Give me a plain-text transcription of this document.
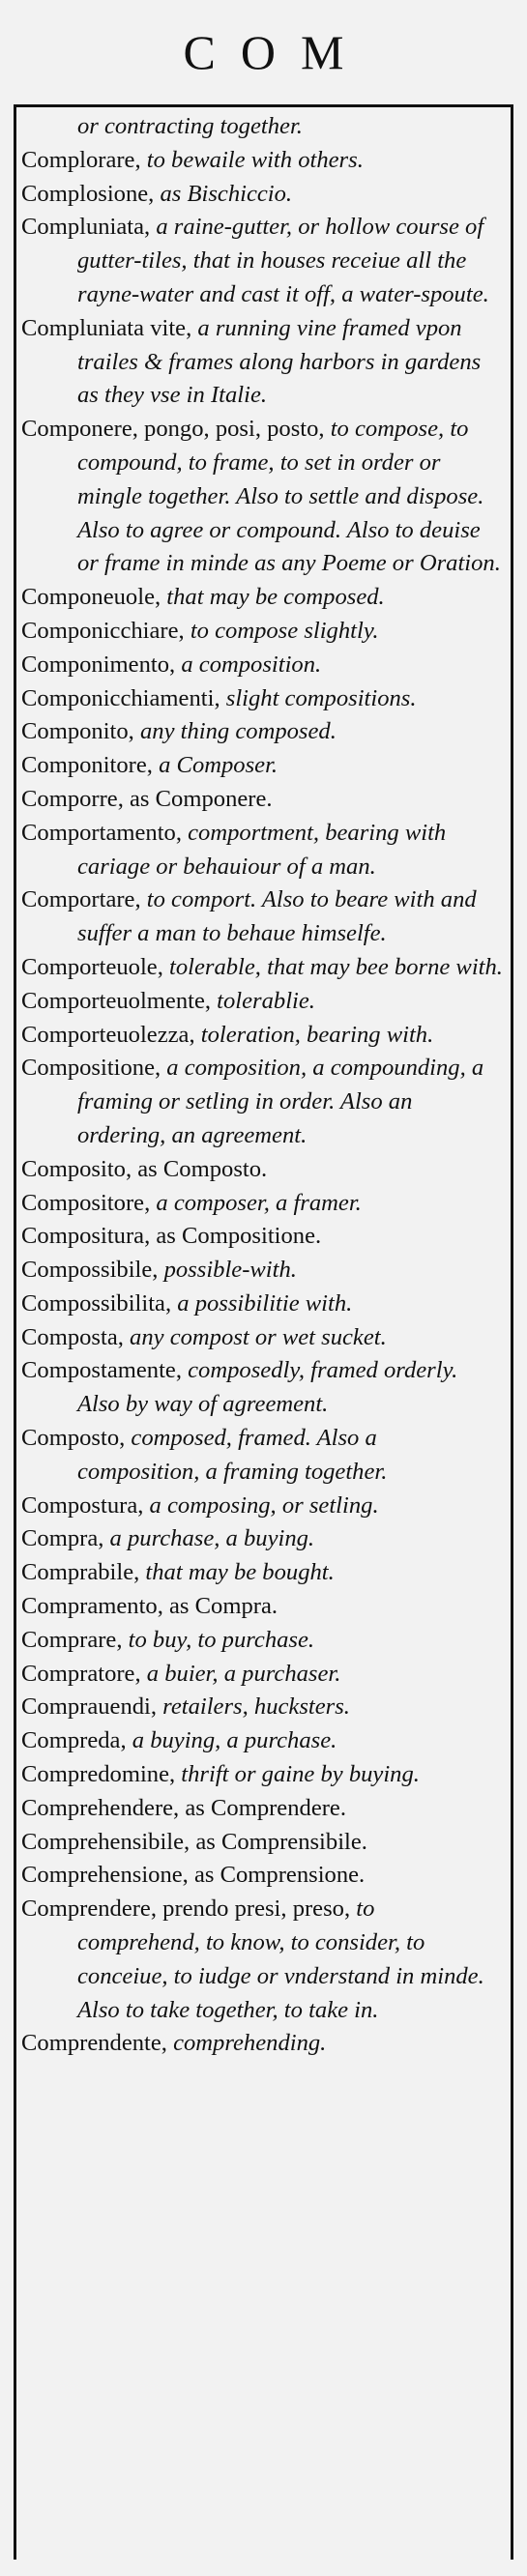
COM
or contracting together.
Complorare, to bewaile with others.
Complosione, as Bischiccio.
Compluniata, a raine-gutter, or hollow course of gutter-tiles, that in houses receiue all the rayne-water and cast it off, a water-spoute.
Compluniata vite, a running vine framed vpon trailes & frames along harbors in gardens as they vse in Italie.
Componere, pongo, posi, posto, to compose, to compound, to frame, to set in order or mingle together. Also to settle and dispose. Also to agree or compound. Also to deuise or frame in minde as any Poeme or Oration.
Componeuole, that may be composed.
Componicchiare, to compose slightly.
Componimento, a composition.
Componicchiamenti, slight compositions.
Componito, any thing composed.
Componitore, a Composer.
Comporre, as Componere.
Comportamento, comportment, bearing with cariage or behauiour of a man.
Comportare, to comport. Also to beare with and suffer a man to behaue himselfe.
Comporteuole, tolerable, that may bee borne with.
Comporteuolmente, tolerablie.
Comporteuolezza, toleration, bearing with.
Compositione, a composition, a compounding, a framing or setling in order. Also an ordering, an agreement.
Composito, as Composto.
Compositore, a composer, a framer.
Compositura, as Compositione.
Compossibile, possible-with.
Compossibilita, a possibilitie with.
Composta, any compost or wet sucket.
Compostamente, composedly, framed orderly. Also by way of agreement.
Composto, composed, framed. Also a composition, a framing together.
Compostura, a composing, or setling.
Compra, a purchase, a buying.
Comprabile, that may be bought.
Compramento, as Compra.
Comprare, to buy, to purchase.
Compratore, a buier, a purchaser.
Comprauendi, retailers, hucksters.
Compreda, a buying, a purchase.
Compredomine, thrift or gaine by buying.
Comprehendere, as Comprendere.
Comprehensibile, as Comprensibile.
Comprehensione, as Comprensione.
Comprendere, prendo presi, preso, to comprehend, to know, to consider, to conceiue, to iudge or vnderstand in minde. Also to take together, to take in.
Comprendente, comprehending.
